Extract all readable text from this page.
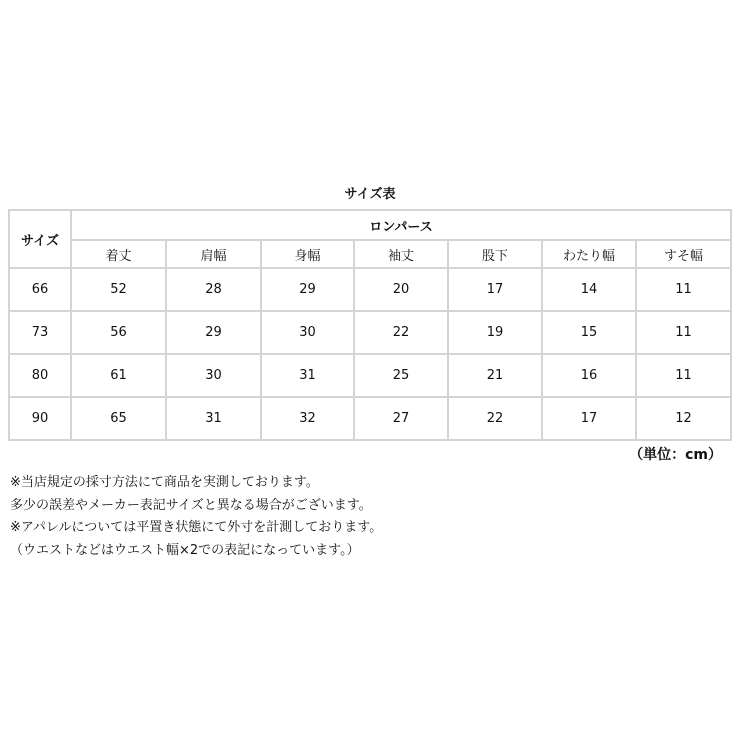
サイズ表
サイズ	ロンパース						
	着丈	肩幅	身幅	袖丈	股下	わたり幅	すそ幅
66	52	28	29	20	17	14	11
73	56	29	30	22	19	15	11
80	61	30	31	25	21	16	11
90	65	31	32	27	22	17	12
（単位：cm）
※当店規定の採寸方法にて商品を実測しております。
多少の誤差やメーカー表記サイズと異なる場合がございます。
※アパレルについては平置き状態にて外寸を計測しております。
（ウエストなどはウエスト幅×2での表記になっています。）
